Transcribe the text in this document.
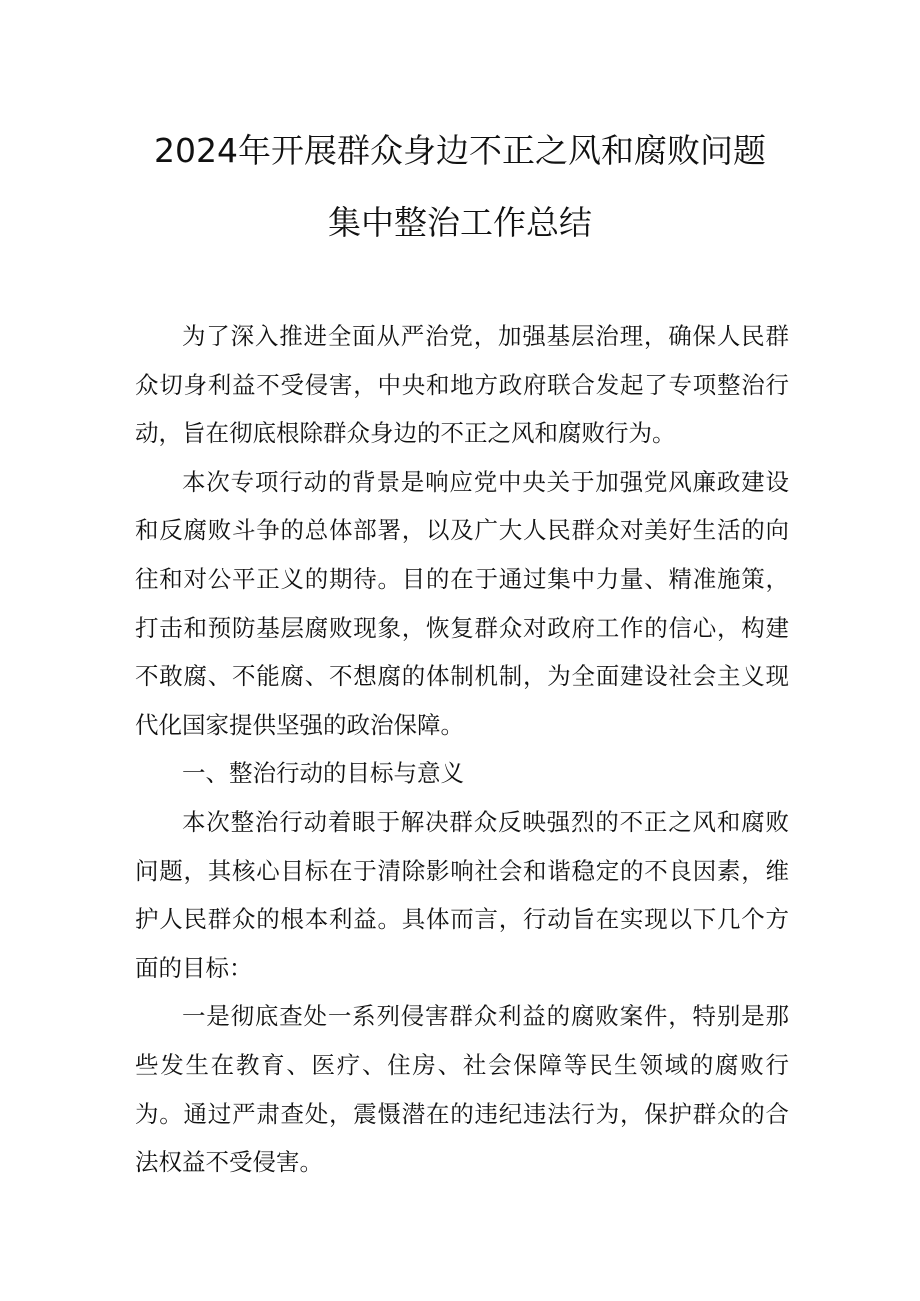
2024年开展群众身边不正之风和腐败问题
集中整治工作总结

为了深入推进全面从严治党，加强基层治理，确保人民群众切身利益不受侵害，中央和地方政府联合发起了专项整治行动，旨在彻底根除群众身边的不正之风和腐败行为。

本次专项行动的背景是响应党中央关于加强党风廉政建设和反腐败斗争的总体部署，以及广大人民群众对美好生活的向往和对公平正义的期待。目的在于通过集中力量、精准施策，打击和预防基层腐败现象，恢复群众对政府工作的信心，构建不敢腐、不能腐、不想腐的体制机制，为全面建设社会主义现代化国家提供坚强的政治保障。

一、整治行动的目标与意义

本次整治行动着眼于解决群众反映强烈的不正之风和腐败问题，其核心目标在于清除影响社会和谐稳定的不良因素，维护人民群众的根本利益。具体而言，行动旨在实现以下几个方面的目标：

一是彻底查处一系列侵害群众利益的腐败案件，特别是那些发生在教育、医疗、住房、社会保障等民生领域的腐败行为。通过严肃查处，震慑潜在的违纪违法行为，保护群众的合法权益不受侵害。
